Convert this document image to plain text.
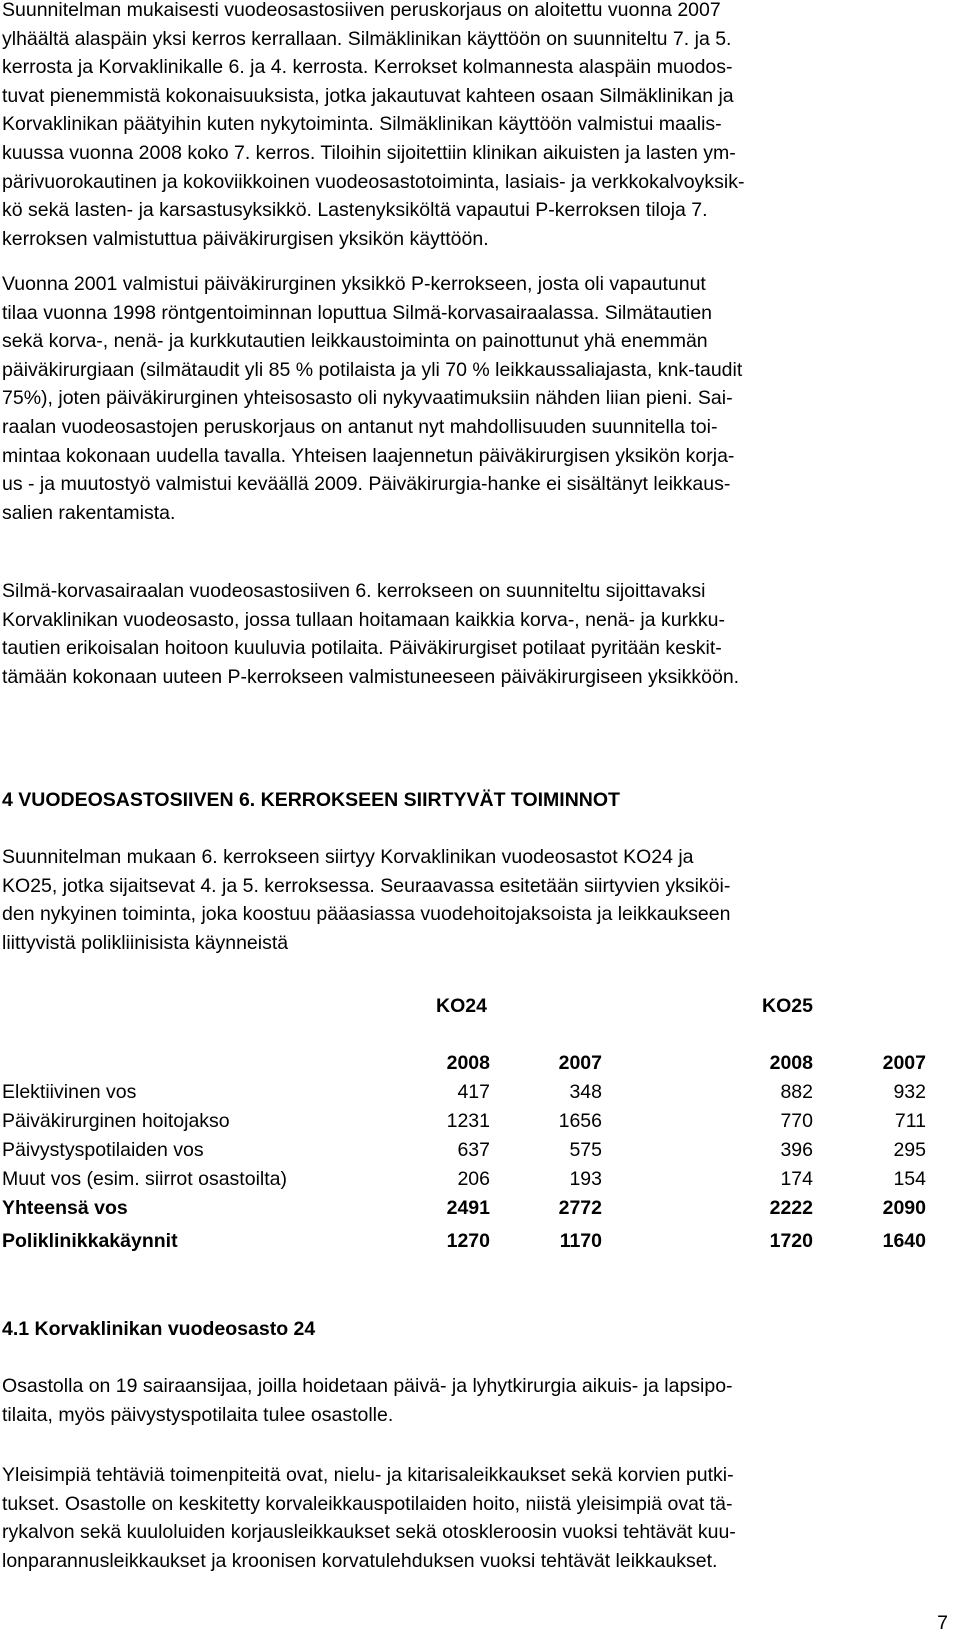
Suunnitelman mukaisesti vuodeosastosiiven peruskorjaus on aloitettu vuonna 2007
ylhäältä alaspäin yksi kerros kerrallaan. Silmäklinikan käyttöön on suunniteltu 7. ja 5.
kerrosta ja Korvaklinikalle 6. ja 4. kerrosta. Kerrokset kolmannesta alaspäin muodos-
tuvat pienemmistä kokonaisuuksista, jotka jakautuvat kahteen osaan Silmäklinikan ja
Korvaklinikan päätyihin kuten nykytoiminta. Silmäklinikan käyttöön valmistui maalis-
kuussa vuonna 2008 koko 7. kerros. Tiloihin sijoitettiin klinikan aikuisten ja lasten ym-
pärivuorokautinen ja kokoviikkoinen vuodeosastotoiminta, lasiais- ja verkkokalvoyksik-
kö sekä lasten- ja karsastusyksikkö. Lastenyksiköltä vapautui P-kerroksen tiloja 7.
kerroksen valmistuttua päiväkirurgisen yksikön käyttöön.
Vuonna 2001 valmistui päiväkirurginen yksikkö P-kerrokseen, josta oli vapautunut
tilaa vuonna 1998 röntgentoiminnan loputtua Silmä-korvasairaalassa. Silmätautien
sekä korva-, nenä- ja kurkkutautien leikkaustoiminta on painottunut yhä enemmän
päiväkirurgiaan (silmätaudit yli 85 % potilaista ja yli 70 % leikkaussaliajasta, knk-taudit
75%), joten päiväkirurginen yhteisosasto oli nykyvaatimuksiin nähden liian pieni. Sai-
raalan vuodeosastojen peruskorjaus on antanut nyt mahdollisuuden suunnitella toi-
mintaa kokonaan uudella tavalla. Yhteisen laajennetun päiväkirurgisen yksikön korja-
us - ja muutostyö valmistui keväällä 2009. Päiväkirurgia-hanke ei sisältänyt leikkaus-
salien rakentamista.
Silmä-korvasairaalan vuodeosastosiiven 6. kerrokseen on suunniteltu sijoittavaksi
Korvaklinikan vuodeosasto, jossa tullaan hoitamaan kaikkia korva-, nenä- ja kurkku-
tautien erikoisalan hoitoon kuuluvia potilaita. Päiväkirurgiset potilaat pyritään keskit-
tämään kokonaan uuteen P-kerrokseen valmistuneeseen päiväkirurgiseen yksikköön.
4 VUODEOSASTOSIIVEN 6. KERROKSEEN SIIRTYVÄT TOIMINNOT
Suunnitelman mukaan 6. kerrokseen siirtyy Korvaklinikan vuodeosastot KO24 ja
KO25, jotka sijaitsevat 4. ja 5. kerroksessa. Seuraavassa esitetään siirtyvien yksiköi-
den nykyinen toiminta, joka koostuu pääasiassa vuodehoitojaksoista ja leikkaukseen
liittyvistä polikliinisista käynneistä
KO24	KO25
2008	2007	2008	2007
Elektiivinen vos	417	348	882	932
Päiväkirurginen hoitojakso	1231	1656	770	711
Päivystyspotilaiden vos	637	575	396	295
Muut vos (esim. siirrot osastoilta)	206	193	174	154
Yhteensä vos	2491	2772	2222	2090
Poliklinikkakäynnit	1270	1170	1720	1640
4.1 Korvaklinikan vuodeosasto 24
Osastolla on 19 sairaansijaa, joilla hoidetaan päivä- ja lyhytkirurgia aikuis- ja lapsipo-
tilaita, myös päivystyspotilaita tulee osastolle.
Yleisimpiä tehtäviä toimenpiteitä ovat, nielu- ja kitarisaleikkaukset sekä korvien putki-
tukset. Osastolle on keskitetty korvaleikkauspotilaiden hoito, niistä yleisimpiä ovat tä-
rykalvon sekä kuuloluiden korjausleikkaukset sekä otoskleroosin vuoksi tehtävät kuu-
lonparannusleikkaukset ja kroonisen korvatulehduksen vuoksi tehtävät leikkaukset.
7
